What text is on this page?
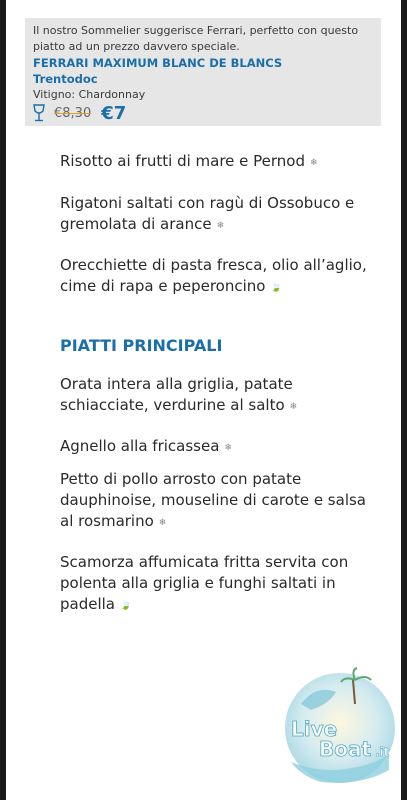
Il nostro Sommelier suggerisce Ferrari, perfetto con questo piatto ad un prezzo davvero speciale.

FERRARI MAXIMUM BLANC DE BLANCS

Trentodoc

Vitigno: Chardonnay

€8,30 €7

Risotto ai frutti di mare e Pernod ❄

Rigatoni saltati con ragù di Ossobuco e gremolata di arance ❄

Orecchiette di pasta fresca, olio all’aglio, cime di rapa e peperoncino 🍃

PIATTI PRINCIPALI

Orata intera alla griglia, patate schiacciate, verdurine al salto ❄

Agnello alla fricassea ❄

Petto di pollo arrosto con patate dauphinoise, mouseline di carote e salsa al rosmarino ❄

Scamorza affumicata fritta servita con polenta alla griglia e funghi saltati in padella 🍃

Live
Boat .it
